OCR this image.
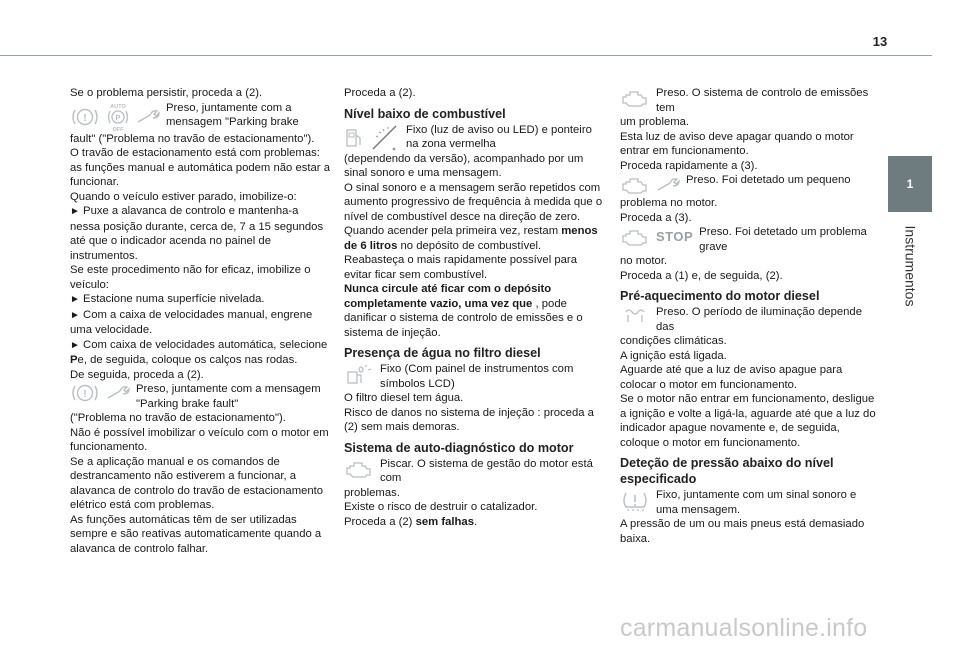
13
1
Instrumentos

Se o problema persistir, proceda a (2).

!
AUTO
P
OFF
Preso, juntamente com a mensagem "Parking brake

fault" ("Problema no travão de estacionamento").

O travão de estacionamento está com problemas: as funções manual e automática podem não estar a funcionar.

Quando o veículo estiver parado, imobilize-o:

► Puxe a alavanca de controlo e mantenha-a nessa posição durante, cerca de, 7 a 15 segundos até que o indicador acenda no painel de instrumentos.

Se este procedimento não for eficaz, imobilize o veículo:

► Estacione numa superfície nivelada.

► Com a caixa de velocidades manual, engrene uma velocidade.

► Com caixa de velocidades automática, selecione Pe, de seguida, coloque os calços nas rodas.

De seguida, proceda a (2).

!	Preso, juntamente com a mensagem "Parking brake fault"

("Problema no travão de estacionamento").

Não é possível imobilizar o veículo com o motor em funcionamento.

Se a aplicação manual e os comandos de destrancamento não estiverem a funcionar, a alavanca de controlo do travão de estacionamento elétrico está com problemas.

As funções automáticas têm de ser utilizadas sempre e são reativas automaticamente quando a alavanca de controlo falhar.

Proceda a (2).

Nível baixo de combustível

Fixo (luz de aviso ou LED) e ponteiro na zona vermelha

(dependendo da versão), acompanhado por um sinal sonoro e uma mensagem.

O sinal sonoro e a mensagem serão repetidos com aumento progressivo de frequência à medida que o nível de combustível desce na direção de zero.

Quando acender pela primeira vez, restam menos de 6 litros no depósito de combustível. Reabasteça o mais rapidamente possível para evitar ficar sem combustível.

Nunca circule até ficar com o depósito completamente vazio, uma vez que , pode danificar o sistema de controlo de emissões e o sistema de injeção.

Presença de água no filtro diesel

Fixo (Com painel de instrumentos com símbolos LCD)

O filtro diesel tem água.

Risco de danos no sistema de injeção : proceda a (2) sem mais demoras.

Sistema de auto-diagnóstico do motor

Piscar. O sistema de gestão do motor está com

problemas.

Existe o risco de destruir o catalizador.

Proceda a (2) sem falhas.

Preso. O sistema de controlo de emissões tem

um problema.

Esta luz de aviso deve apagar quando o motor entrar em funcionamento.

Proceda rapidamente a (3).

Preso. Foi detetado um pequeno

problema no motor.

Proceda a (3).

STOP Preso. Foi detetado um problema grave

no motor.

Proceda a (1) e, de seguida, (2).

Pré-aquecimento do motor diesel

Preso. O período de iluminação depende das

condições climáticas.

A ignição está ligada.

Aguarde até que a luz de aviso apague para colocar o motor em funcionamento.

Se o motor não entrar em funcionamento, desligue a ignição e volte a ligá-la, aguarde até que a luz do indicador apague novamente e, de seguida, coloque o motor em funcionamento.

Deteção de pressão abaixo do nível especificado

Fixo, juntamente com um sinal sonoro e uma mensagem.

A pressão de um ou mais pneus está demasiado baixa.

carmanualsonline.info
